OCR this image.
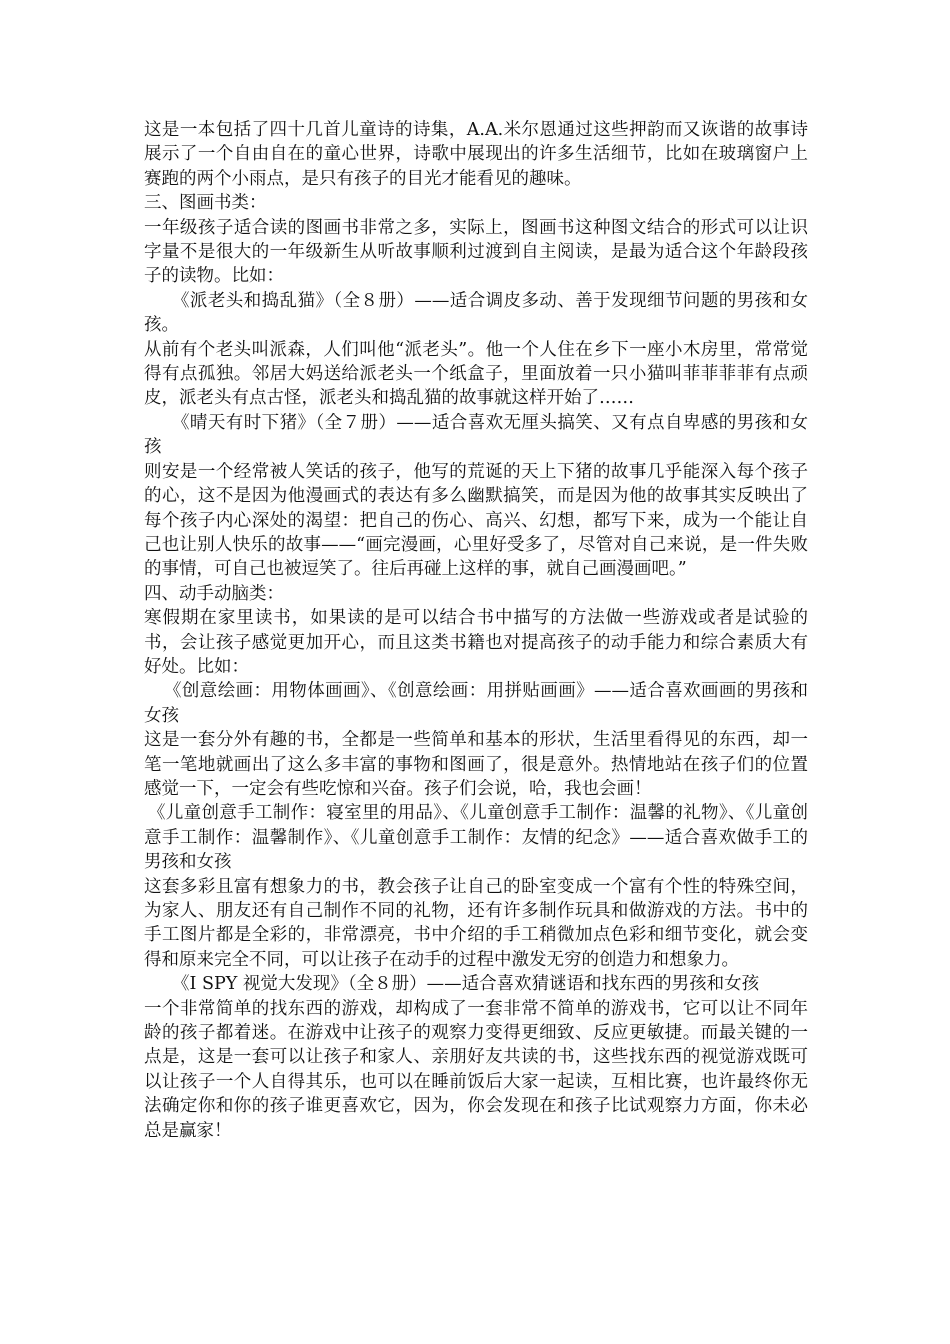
这是一本包括了四十几首儿童诗的诗集，A.A.米尔恩通过这些押韵而又诙谐的故事诗展示了一个自由自在的童心世界，诗歌中展现出的许多生活细节，比如在玻璃窗户上赛跑的两个小雨点，是只有孩子的目光才能看见的趣味。

三、图画书类：

一年级孩子适合读的图画书非常之多，实际上，图画书这种图文结合的形式可以让识字量不是很大的一年级新生从听故事顺利过渡到自主阅读，是最为适合这个年龄段孩子的读物。比如：

《派老头和捣乱猫》（全８册）——适合调皮多动、善于发现细节问题的男孩和女孩。

从前有个老头叫派森，人们叫他“派老头”。他一个人住在乡下一座小木房里，常常觉得有点孤独。邻居大妈送给派老头一个纸盒子，里面放着一只小猫叫菲菲菲菲有点顽皮，派老头有点古怪，派老头和捣乱猫的故事就这样开始了……

《晴天有时下猪》（全７册）——适合喜欢无厘头搞笑、又有点自卑感的男孩和女孩

则安是一个经常被人笑话的孩子，他写的荒诞的天上下猪的故事几乎能深入每个孩子的心，这不是因为他漫画式的表达有多么幽默搞笑，而是因为他的故事其实反映出了每个孩子内心深处的渴望：把自己的伤心、高兴、幻想，都写下来，成为一个能让自己也让别人快乐的故事——“画完漫画，心里好受多了，尽管对自己来说，是一件失败的事情，可自己也被逗笑了。往后再碰上这样的事，就自己画漫画吧。”

四、动手动脑类：

寒假期在家里读书，如果读的是可以结合书中描写的方法做一些游戏或者是试验的书，会让孩子感觉更加开心，而且这类书籍也对提高孩子的动手能力和综合素质大有好处。比如：

《创意绘画：用物体画画》、《创意绘画：用拼贴画画》——适合喜欢画画的男孩和女孩

这是一套分外有趣的书，全都是一些简单和基本的形状，生活里看得见的东西，却一笔一笔地就画出了这么多丰富的事物和图画了，很是意外。热情地站在孩子们的位置感觉一下，一定会有些吃惊和兴奋。孩子们会说，哈，我也会画！

《儿童创意手工制作：寝室里的用品》、《儿童创意手工制作：温馨的礼物》、《儿童创意手工制作：温馨制作》、《儿童创意手工制作：友情的纪念》——适合喜欢做手工的男孩和女孩

这套多彩且富有想象力的书，教会孩子让自己的卧室变成一个富有个性的特殊空间，为家人、朋友还有自己制作不同的礼物，还有许多制作玩具和做游戏的方法。书中的手工图片都是全彩的，非常漂亮，书中介绍的手工稍微加点色彩和细节变化，就会变得和原来完全不同，可以让孩子在动手的过程中激发无穷的创造力和想象力。

《I SPY 视觉大发现》（全８册）——适合喜欢猜谜语和找东西的男孩和女孩

一个非常简单的找东西的游戏，却构成了一套非常不简单的游戏书，它可以让不同年龄的孩子都着迷。在游戏中让孩子的观察力变得更细致、反应更敏捷。而最关键的一点是，这是一套可以让孩子和家人、亲朋好友共读的书，这些找东西的视觉游戏既可以让孩子一个人自得其乐，也可以在睡前饭后大家一起读，互相比赛，也许最终你无法确定你和你的孩子谁更喜欢它，因为，你会发现在和孩子比试观察力方面，你未必总是赢家！
